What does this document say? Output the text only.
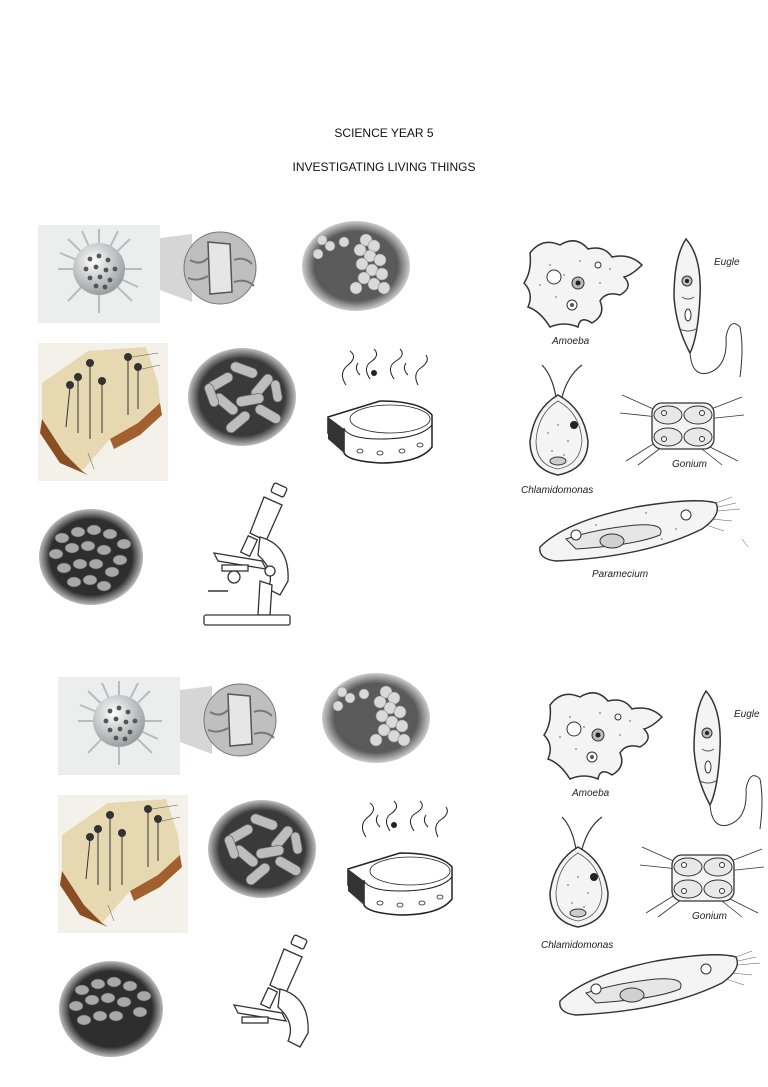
SCIENCE YEAR 5
INVESTIGATING LIVING THINGS
Amoeba
Eugle
Chlamidomonas
Gonium
Paramecium
Amoeba
Eugle
Chlamidomonas
Gonium
